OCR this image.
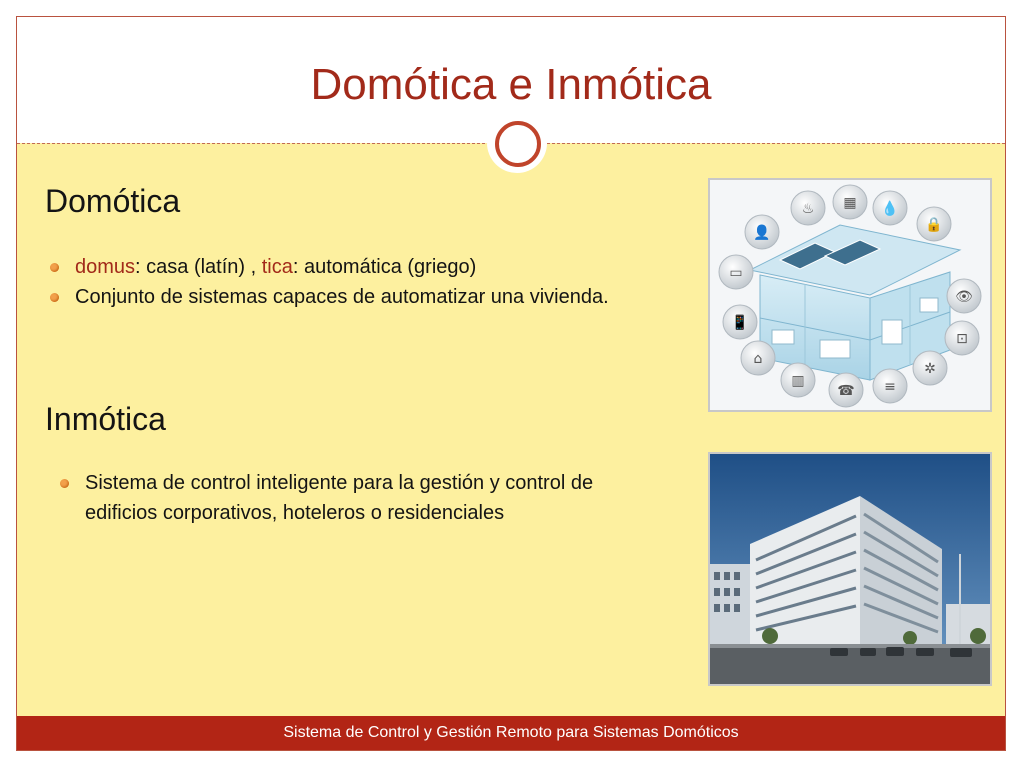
Domótica e Inmótica
Domótica
domus: casa (latín) , tica: automática (griego)
Conjunto de sistemas capaces de automatizar una vivienda.
Inmótica
Sistema de control inteligente para la gestión y control de edificios corporativos, hoteleros o residenciales
♨ ▦ 💧
🔒
👤
▭
👁
📱
⊡
⌂
✲
▥
☎ ≡
Sistema de Control y Gestión Remoto para Sistemas Domóticos
